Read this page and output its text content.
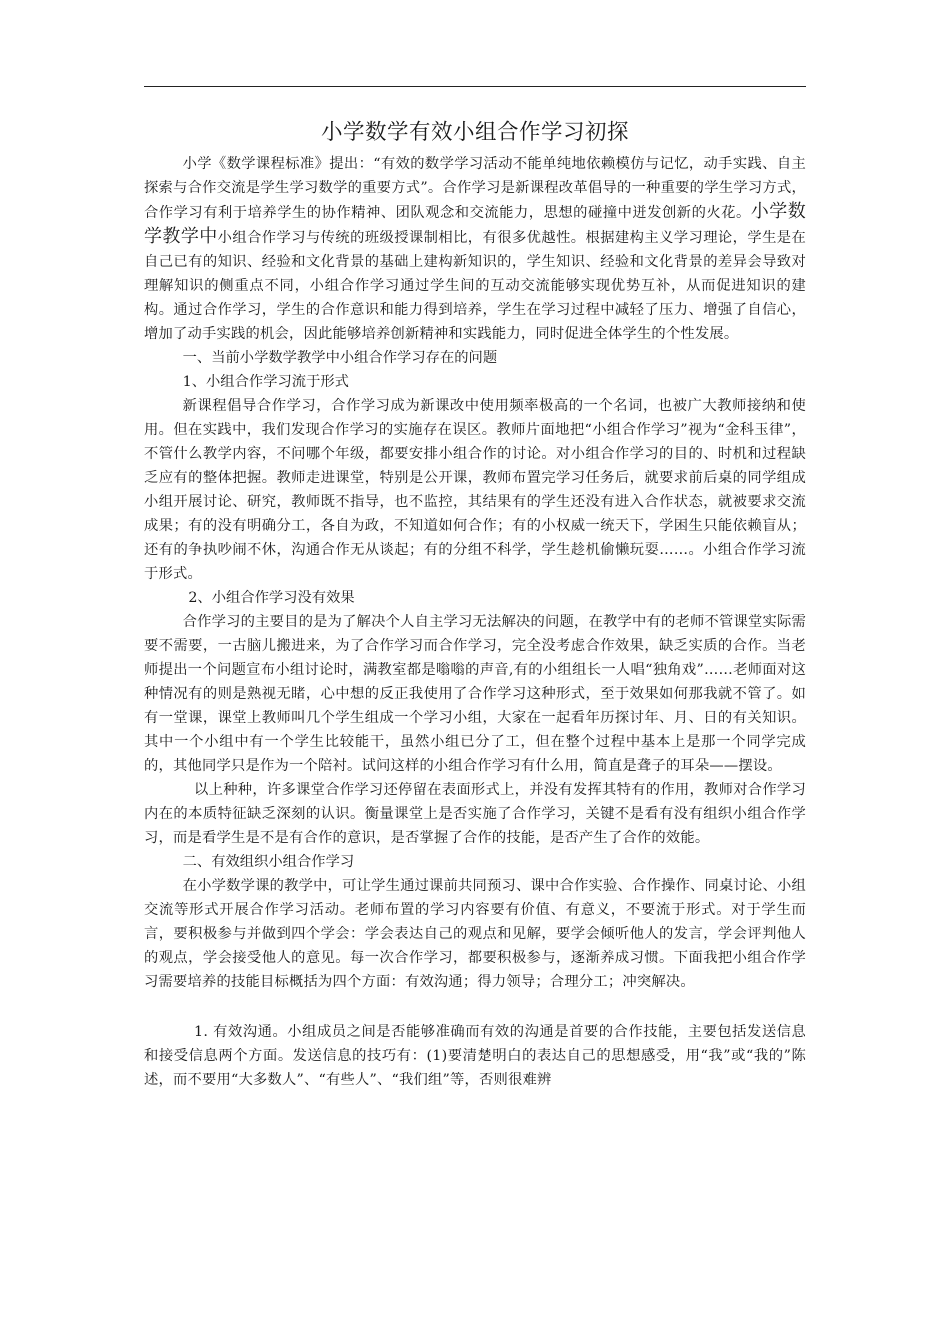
小学数学有效小组合作学习初探

小学《数学课程标准》提出：“有效的数学学习活动不能单纯地依赖模仿与记忆，动手实践、自主探索与合作交流是学生学习数学的重要方式”。合作学习是新课程改革倡导的一种重要的学生学习方式，合作学习有利于培养学生的协作精神、团队观念和交流能力，思想的碰撞中迸发创新的火花。小学数学教学中小组合作学习与传统的班级授课制相比，有很多优越性。根据建构主义学习理论，学生是在自己已有的知识、经验和文化背景的基础上建构新知识的，学生知识、经验和文化背景的差异会导致对理解知识的侧重点不同，小组合作学习通过学生间的互动交流能够实现优势互补，从而促进知识的建构。通过合作学习，学生的合作意识和能力得到培养，学生在学习过程中减轻了压力、增强了自信心，增加了动手实践的机会，因此能够培养创新精神和实践能力，同时促进全体学生的个性发展。

一、当前小学数学教学中小组合作学习存在的问题

1、小组合作学习流于形式

新课程倡导合作学习，合作学习成为新课改中使用频率极高的一个名词，也被广大教师接纳和使用。但在实践中，我们发现合作学习的实施存在误区。教师片面地把“小组合作学习”视为“金科玉律”，不管什么教学内容，不问哪个年级，都要安排小组合作的讨论。对小组合作学习的目的、时机和过程缺乏应有的整体把握。教师走进课堂，特别是公开课，教师布置完学习任务后，就要求前后桌的同学组成小组开展讨论、研究，教师既不指导，也不监控，其结果有的学生还没有进入合作状态，就被要求交流成果；有的没有明确分工，各自为政，不知道如何合作；有的小权威一统天下，学困生只能依赖盲从；还有的争执吵闹不休，沟通合作无从谈起；有的分组不科学，学生趁机偷懒玩耍……。小组合作学习流于形式。

2、小组合作学习没有效果

合作学习的主要目的是为了解决个人自主学习无法解决的问题，在教学中有的老师不管课堂实际需要不需要，一古脑儿搬进来，为了合作学习而合作学习，完全没考虑合作效果，缺乏实质的合作。当老师提出一个问题宣布小组讨论时，满教室都是嗡嗡的声音,有的小组组长一人唱“独角戏”……老师面对这种情况有的则是熟视无睹，心中想的反正我使用了合作学习这种形式，至于效果如何那我就不管了。如有一堂课，课堂上教师叫几个学生组成一个学习小组，大家在一起看年历探讨年、月、日的有关知识。其中一个小组中有一个学生比较能干，虽然小组已分了工，但在整个过程中基本上是那一个同学完成的，其他同学只是作为一个陪衬。试问这样的小组合作学习有什么用，简直是聋子的耳朵——摆设。

以上种种，许多课堂合作学习还停留在表面形式上，并没有发挥其特有的作用，教师对合作学习内在的本质特征缺乏深刻的认识。衡量课堂上是否实施了合作学习，关键不是看有没有组织小组合作学习，而是看学生是不是有合作的意识，是否掌握了合作的技能，是否产生了合作的效能。

二、有效组织小组合作学习

在小学数学课的教学中，可让学生通过课前共同预习、课中合作实验、合作操作、同桌讨论、小组交流等形式开展合作学习活动。老师布置的学习内容要有价值、有意义，不要流于形式。对于学生而言，要积极参与并做到四个学会：学会表达自己的观点和见解，要学会倾听他人的发言，学会评判他人的观点，学会接受他人的意见。每一次合作学习，都要积极参与，逐渐养成习惯。下面我把小组合作学习需要培养的技能目标概括为四个方面：有效沟通；得力领导；合理分工；冲突解决。

1. 有效沟通。小组成员之间是否能够准确而有效的沟通是首要的合作技能，主要包括发送信息和接受信息两个方面。发送信息的技巧有：(1)要清楚明白的表达自己的思想感受，用“我”或“我的”陈述，而不要用“大多数人”、“有些人”、“我们组”等，否则很难辨
